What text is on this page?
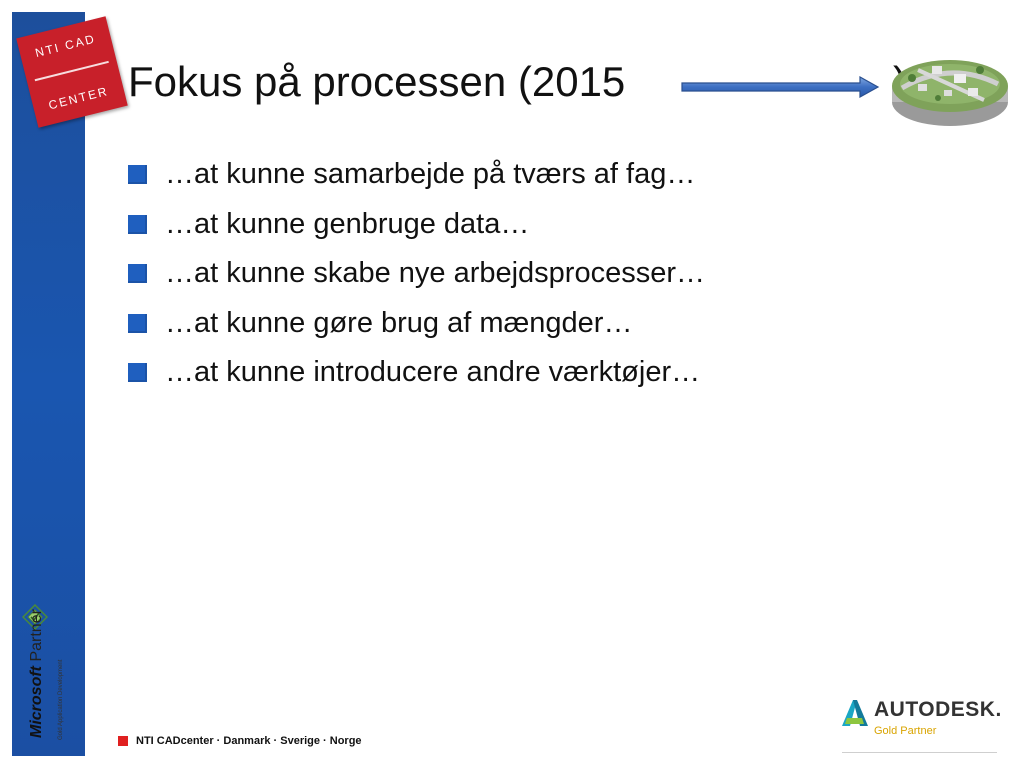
NTI CAD
CENTER Fokus på processen (2015
…at kunne samarbejde på tværs af fag…
…at kunne genbruge data…
…at kunne skabe nye arbejdsprocesser…
…at kunne gøre brug af mængder…
…at kunne introducere andre værktøjer…
Microsoft Partner
Gold Application Development
NTI CADcenter · Danmark · Sverige · Norge
AUTODESK.
Gold Partner
